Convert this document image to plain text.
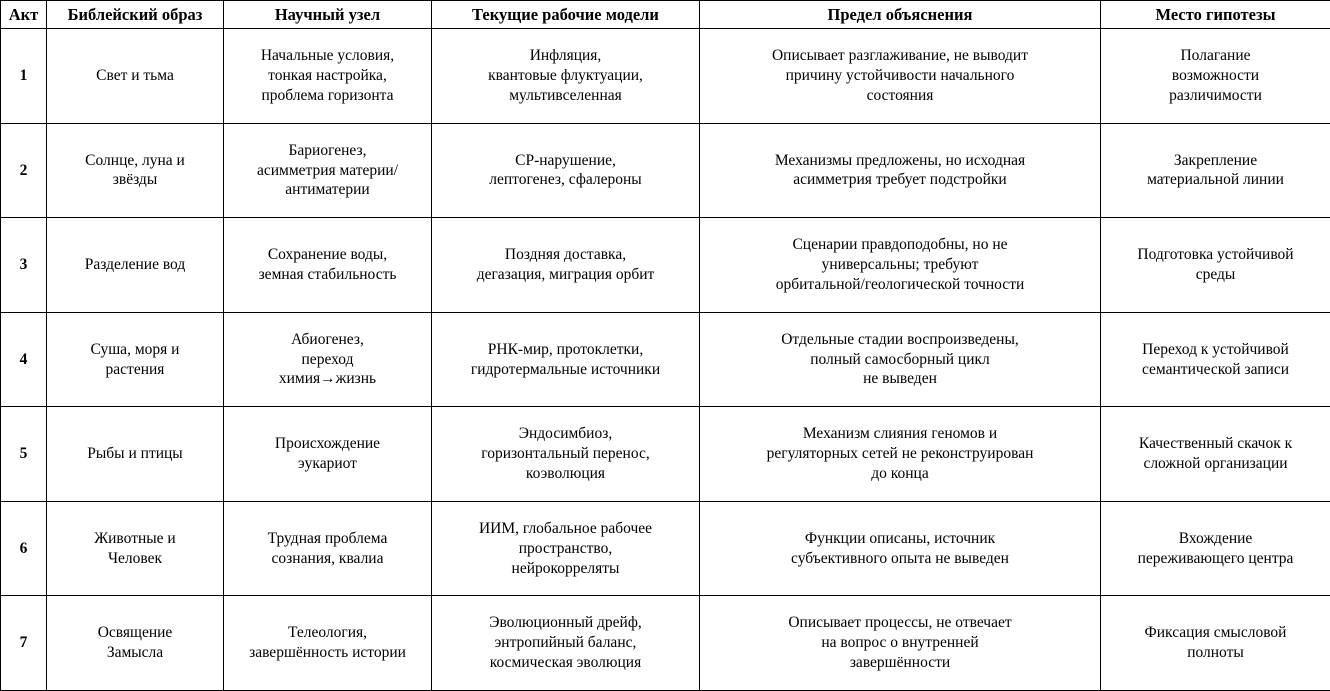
Акт	Библейский образ	Научный узел	Текущие рабочие модели	Предел объяснения	Место гипотезы
1	Свет и тьма	Начальные условия,
тонкая настройка,
проблема горизонта	Инфляция,
квантовые флуктуации,
мультивселенная	Описывает разглаживание, не выводит
причину устойчивости начального
состояния	Полагание
возможности
различимости

2	Солнце, луна и
звёзды	Бариогенез,
асимметрия материи/
антиматерии	CP-нарушение,
лептогенез, сфалероны	Механизмы предложены, но исходная
асимметрия требует подстройки	Закрепление
материальной линии

3	Разделение вод	Сохранение воды,
земная стабильность	Поздняя доставка,
дегазация, миграция орбит	Сценарии правдоподобны, но не
универсальны; требуют
орбитальной/геологической точности	Подготовка устойчивой
среды

4	Суша, моря и
растения	Абиогенез,
переход
химия→жизнь	РНК-мир, протоклетки,
гидротермальные источники	Отдельные стадии воспроизведены,
полный самосборный цикл
не выведен	Переход к устойчивой
семантической записи

5	Рыбы и птицы	Происхождение
эукариот	Эндосимбиоз,
горизонтальный перенос,
коэволюция	Механизм слияния геномов и
регуляторных сетей не реконструирован
до конца	Качественный скачок к
сложной организации

6	Животные и
Человек	Трудная проблема
сознания, квалиа	ИИМ, глобальное рабочее
пространство,
нейрокорреляты	Функции описаны, источник
субъективного опыта не выведен	Вхождение
переживающего центра

7	Освящение
Замысла	Телеология,
завершённость истории	Эволюционный дрейф,
энтропийный баланс,
космическая эволюция	Описывает процессы, не отвечает
на вопрос о внутренней
завершённости	Фиксация смысловой
полноты
